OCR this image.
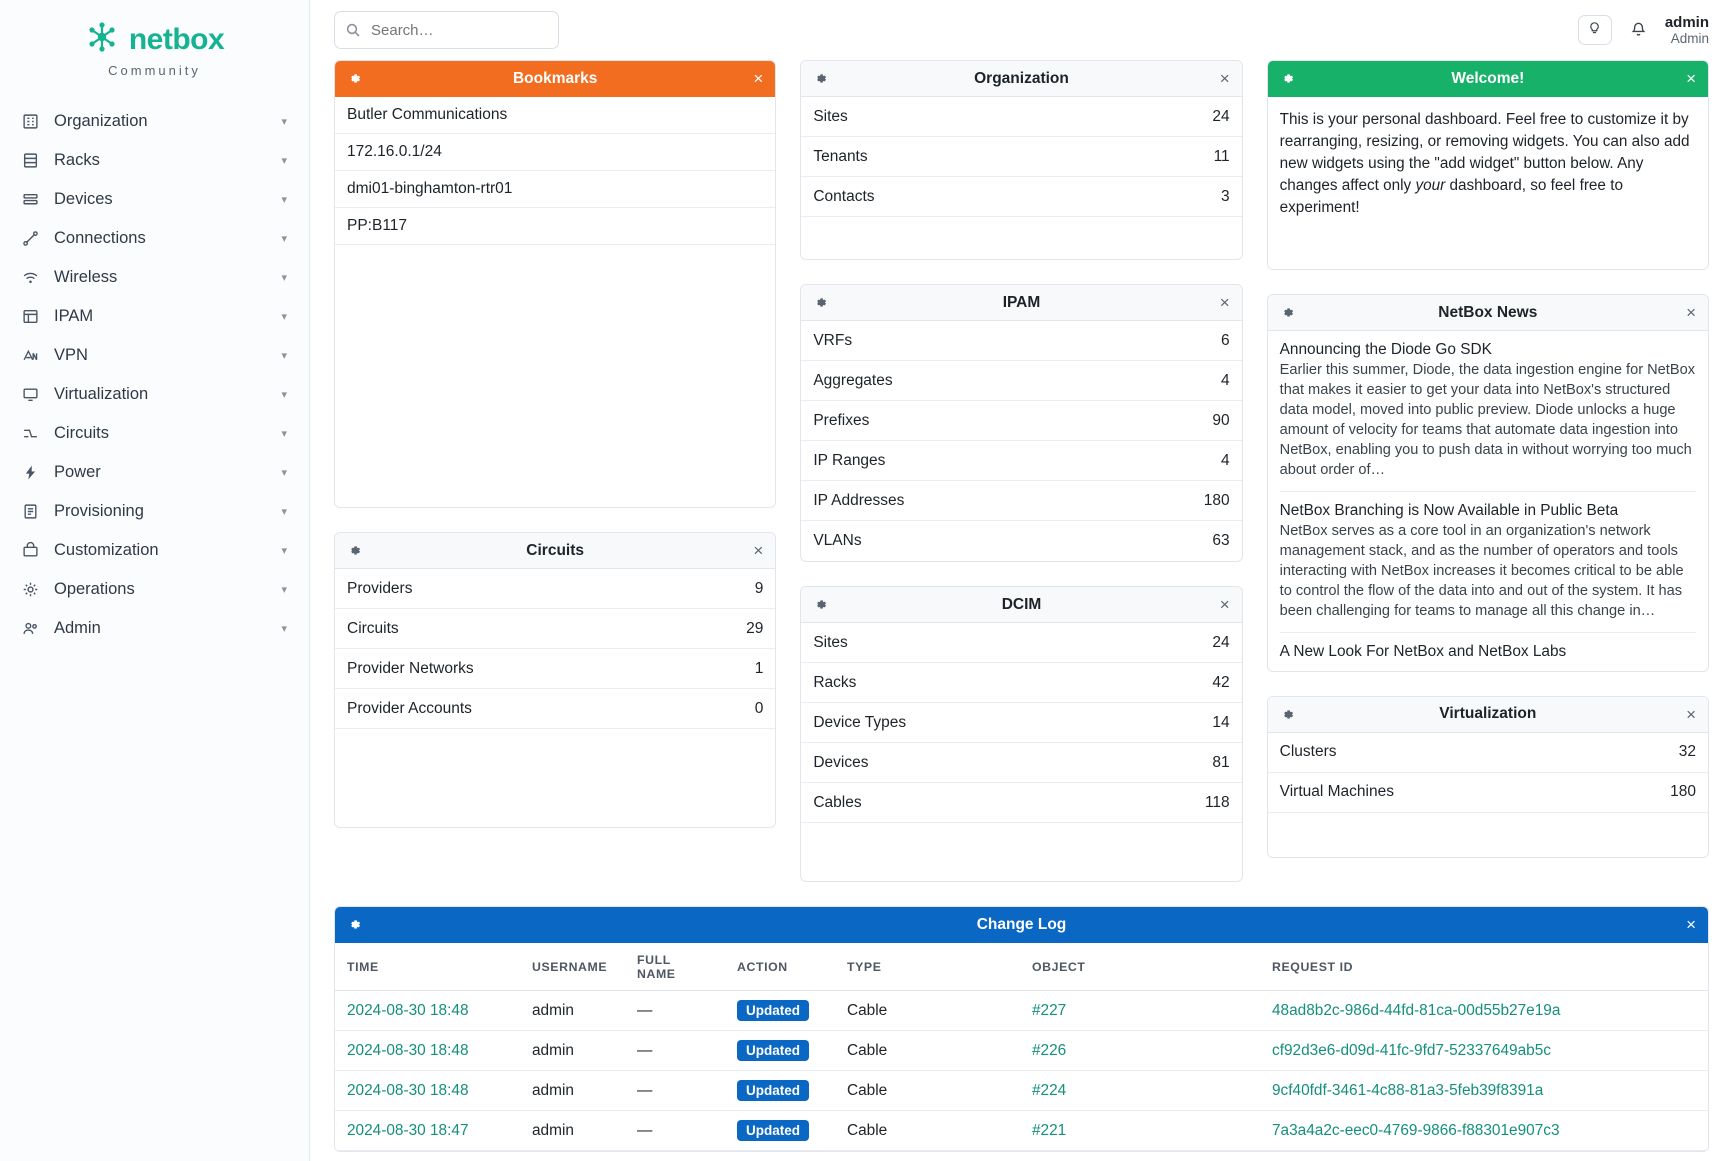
netbox
Community
Organization	▾
Racks	▾
Devices	▾
Connections	▾
Wireless	▾
IPAM	▾
VPN	▾
Virtualization	▾
Circuits	▾
Power	▾
Provisioning	▾
Customization	▾
Operations	▾
Admin	▾
Search…
admin
Admin
Bookmarks	×
Butler Communications
172.16.0.1/24
dmi01-binghamton-rtr01
PP:B117
Circuits	×
Providers	9
Circuits	29
Provider Networks	1
Provider Accounts	0
Organization	×
Sites	24
Tenants	11
Contacts	3
IPAM	×
VRFs	6
Aggregates	4
Prefixes	90
IP Ranges	4
IP Addresses	180
VLANs	63
DCIM	×
Sites	24
Racks	42
Device Types	14
Devices	81
Cables	118
Welcome!	×
This is your personal dashboard. Feel free to customize it by rearranging, resizing, or removing widgets. You can also add new widgets using the "add widget" button below. Any changes affect only your dashboard, so feel free to experiment!
NetBox News	×
Announcing the Diode Go SDK
Earlier this summer, Diode, the data ingestion engine for NetBox that makes it easier to get your data into NetBox's structured data model, moved into public preview. Diode unlocks a huge amount of velocity for teams that automate data ingestion into NetBox, enabling you to push data in without worrying too much about order of…
NetBox Branching is Now Available in Public Beta
NetBox serves as a core tool in an organization's network management stack, and as the number of operators and tools interacting with NetBox increases it becomes critical to be able to control the flow of the data into and out of the system. It has been challenging for teams to manage all this change in…
A New Look For NetBox and NetBox Labs
Virtualization	×
Clusters	32
Virtual Machines	180
Change Log	×
TIME	USERNAME	FULL NAME	ACTION	TYPE	OBJECT	REQUEST ID
2024-08-30 18:48	admin	—	Updated	Cable	#227	48ad8b2c-986d-44fd-81ca-00d55b27e19a
2024-08-30 18:48	admin	—	Updated	Cable	#226	cf92d3e6-d09d-41fc-9fd7-52337649ab5c
2024-08-30 18:48	admin	—	Updated	Cable	#224	9cf40fdf-3461-4c88-81a3-5feb39f8391a
2024-08-30 18:47	admin	—	Updated	Cable	#221	7a3a4a2c-eec0-4769-9866-f88301e907c3
